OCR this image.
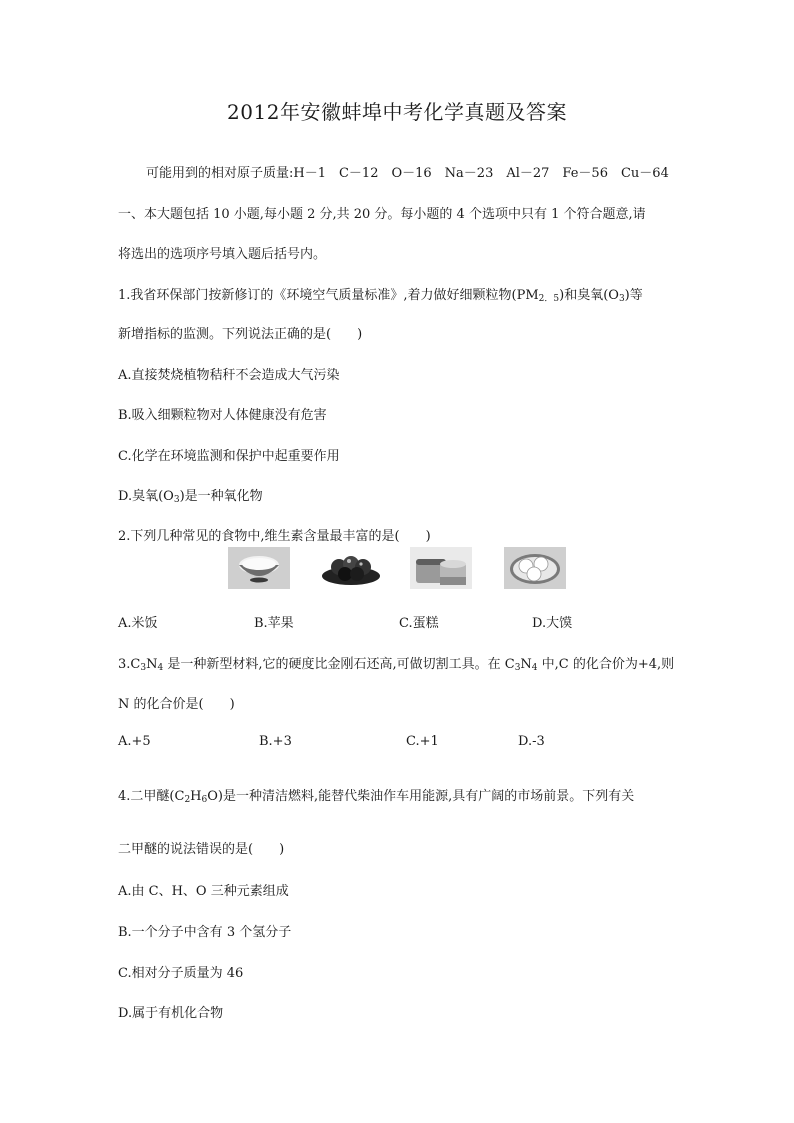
2012年安徽蚌埠中考化学真题及答案
可能用到的相对原子质量:H－1　C－12　O－16　Na－23　Al－27　Fe－56　Cu－64
一、本大题包括 10 小题,每小题 2 分,共 20 分。每小题的 4 个选项中只有 1 个符合题意,请
将选出的选项序号填入题后括号内。
1.我省环保部门按新修订的《环境空气质量标准》,着力做好细颗粒物$(PM_{2.5})$和臭氧$(O_3)$等
新增指标的监测。下列说法正确的是(　　)
A.直接焚烧植物秸秆不会造成大气污染
B.吸入细颗粒物对人体健康没有危害
C.化学在环境监测和保护中起重要作用
D.臭氧$(O_3)$是一种氧化物
2.下列几种常见的食物中,维生素含量最丰富的是(　　)
A.米饭	B.苹果	C.蛋糕	D.大馍
$3.C_3N_4$ 是一种新型材料,它的硬度比金刚石还高,可做切割工具。在 $C_3N_4$ 中,C 的化合价为+4,则
N 的化合价是(　　)
A.+5	B.+3	C.+1	D.-3
4.二甲醚$(C_2H_6O)$是一种清洁燃料,能替代柴油作车用能源,具有广阔的市场前景。下列有关
二甲醚的说法错误的是(　　)
A.由 C、H、O 三种元素组成
B.一个分子中含有 3 个氢分子
C.相对分子质量为 46
D.属于有机化合物
